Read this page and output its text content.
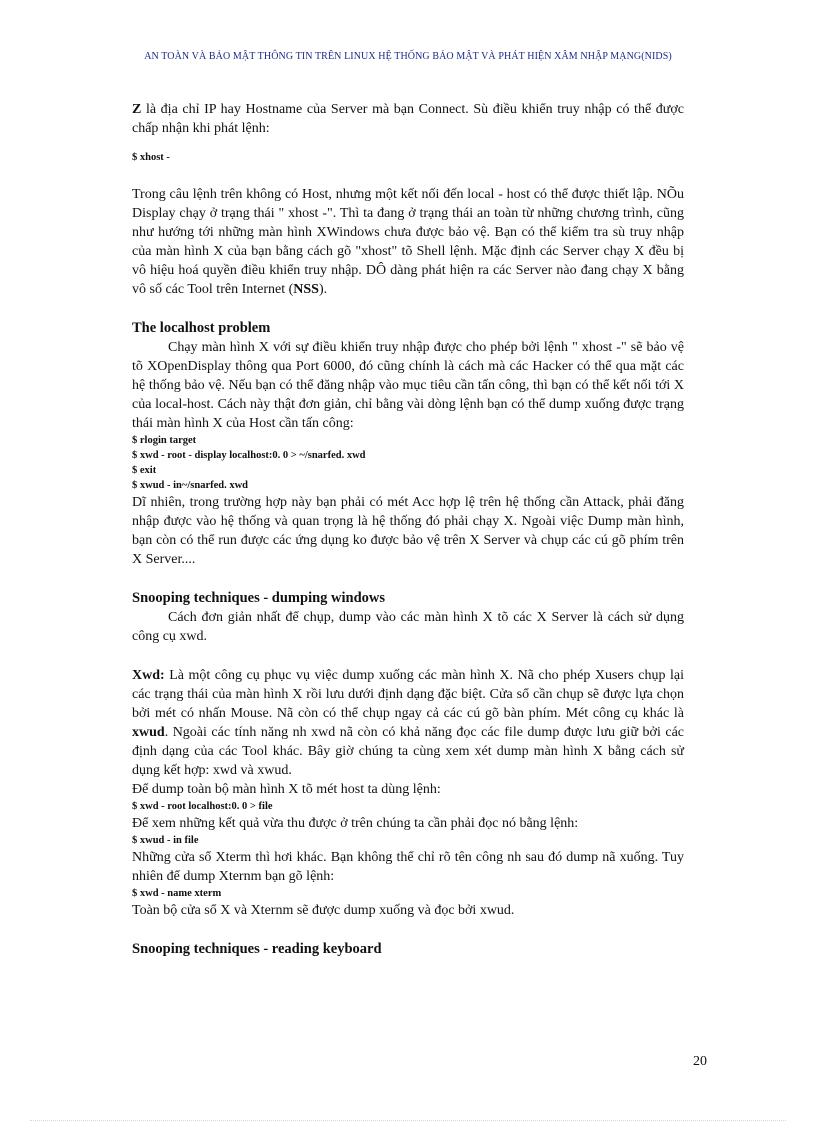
AN TOÀN VÀ BẢO MẬT THÔNG TIN TRÊN LINUX HỆ THỐNG BẢO MẬT VÀ PHÁT HIỆN XÂM NHẬP MẠNG(NIDS)

Z là địa chỉ IP hay Hostname của Server mà bạn Connect. Sù điều khiển truy nhập có thể được chấp nhận khi phát lệnh:

$ xhost -

Trong câu lệnh trên không có Host, nhưng một kết nối đến local - host có thể được thiết lập. NÕu Display chạy ở trạng thái " xhost -". Thì ta đang ở trạng thái an toàn từ những chương trình, cũng như hướng tới những màn hình XWindows chưa được bảo vệ. Bạn có thể kiểm tra sù truy nhập của màn hình X của bạn bằng cách gõ "xhost" tõ Shell lệnh. Mặc định các Server chạy X đều bị vô hiệu hoá quyền điều khiển truy nhập. DÔ dàng phát hiện ra các Server nào đang chạy X bằng vô số các Tool trên Internet (NSS).

The localhost problem

Chạy màn hình X với sự điều khiển truy nhập được cho phép bởi lệnh " xhost -" sẽ bảo vệ tõ XOpenDisplay thông qua Port 6000, đó cũng chính là cách mà các Hacker có thể qua mặt các hệ thống bảo vệ. Nếu bạn có thể đăng nhập vào mục tiêu cần tấn công, thì bạn có thể kết nối tới X của local-host. Cách này thật đơn giản, chỉ bằng vài dòng lệnh bạn có thể dump xuống được trạng thái màn hình X của Host cần tấn công:

$ rlogin target
$ xwd - root - display localhost:0. 0 > ~/snarfed. xwd
$ exit
$ xwud - in~/snarfed. xwd

Dĩ nhiên, trong trường hợp này bạn phải có mét Acc hợp lệ trên hệ thống cần Attack, phải đăng nhập được vào hệ thống và quan trọng là hệ thống đó phải chạy X. Ngoài việc Dump màn hình, bạn còn có thể run được các ứng dụng ko được bảo vệ trên X Server và chụp các cú gõ phím trên X Server....

Snooping techniques - dumping windows

Cách đơn giản nhất để chụp, dump vào các màn hình X tõ các X Server là cách sử dụng công cụ xwd.

Xwd: Là một công cụ phục vụ việc dump xuống các màn hình X. Nã cho phép Xusers chụp lại các trạng thái của màn hình X rồi lưu dưới định dạng đặc biệt. Cửa sổ cần chụp sẽ được lựa chọn bởi mét có nhấn Mouse. Nã còn có thể chụp ngay cả các cú gõ bàn phím. Mét công cụ khác là xwud. Ngoài các tính năng nh xwd nã còn có khả năng đọc các file dump được lưu giữ bởi các định dạng của các Tool khác. Bây giờ chúng ta cùng xem xét dump màn hình X bằng cách sử dụng kết hợp: xwd và xwud.

Để dump toàn bộ màn hình X tõ mét host ta dùng lệnh:

$ xwd - root localhost:0. 0 > file

Để xem những kết quả vừa thu được ở trên chúng ta cần phải đọc nó bằng lệnh:

$ xwud - in file

Những cửa sổ Xterm thì hơi khác. Bạn không thể chỉ rõ tên công nh sau đó dump nã xuống. Tuy nhiên để dump Xternm bạn gõ lệnh:

$ xwd - name xterm

Toàn bộ cửa sổ X và Xternm sẽ được dump xuống và đọc bởi xwud.

Snooping techniques - reading keyboard
20
